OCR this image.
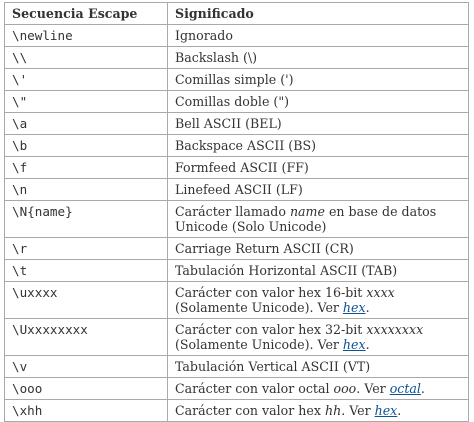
Secuencia Escape	Significado
\newline	Ignorado
\\	Backslash (\)
\'	Comillas simple (')
\"	Comillas doble (")
\a	Bell ASCII (BEL)
\b	Backspace ASCII (BS)
\f	Formfeed ASCII (FF)
\n	Linefeed ASCII (LF)
\N{name}	Carácter llamado name en base de datos Unicode (Solo Unicode)
\r	Carriage Return ASCII (CR)
\t	Tabulación Horizontal ASCII (TAB)
\uxxxx	Carácter con valor hex 16-bit xxxx (Solamente Unicode). Ver hex.
\Uxxxxxxxx	Carácter con valor hex 32-bit xxxxxxxx (Solamente Unicode). Ver hex.
\v	Tabulación Vertical ASCII (VT)
\ooo	Carácter con valor octal ooo. Ver octal.
\xhh	Carácter con valor hex hh. Ver hex.
